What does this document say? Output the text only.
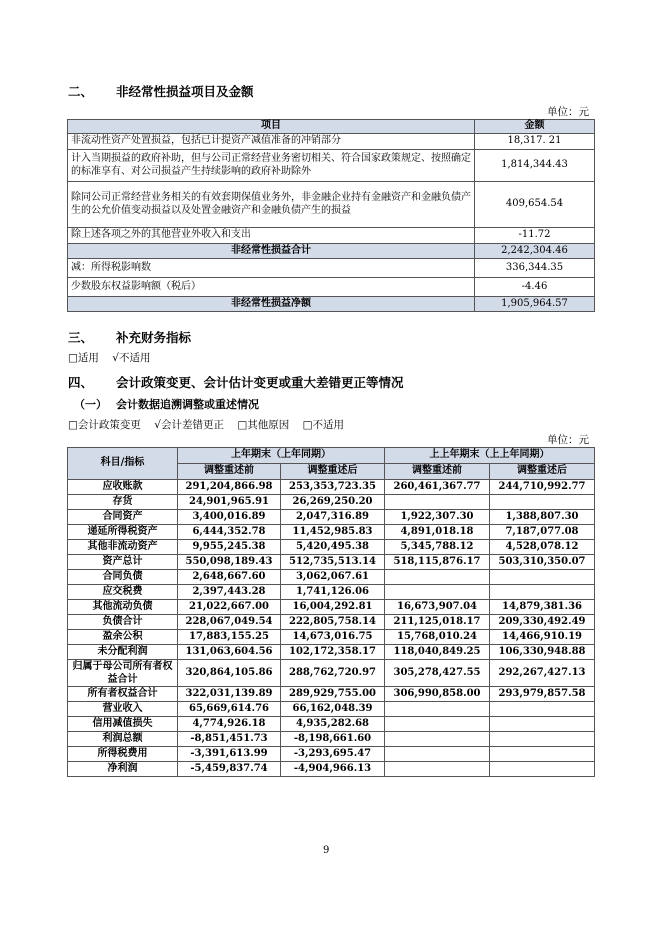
二、 非经常性损益项目及金额
单位：元
项目	金额
非流动性资产处置损益，包括已计提资产减值准备的冲销部分	18,317. 21
计入当期损益的政府补助，但与公司正常经营业务密切相关、符合国家政策规定、按照确定的标准享有、对公司损益产生持续影响的政府补助除外	1,814,344.43
除同公司正常经营业务相关的有效套期保值业务外，非金融企业持有金融资产和金融负债产生的公允价值变动损益以及处置金融资产和金融负债产生的损益	409,654.54
除上述各项之外的其他营业外收入和支出	-11.72
非经常性损益合计	2,242,304.46
减：所得税影响数	336,344.35
少数股东权益影响额（税后）	-4.46
非经常性损益净额	1,905,964.57
三、 补充财务指标
□适用 √不适用
四、 会计政策变更、会计估计变更或重大差错更正等情况
（一） 会计数据追溯调整或重述情况
□会计政策变更 √会计差错更正 □其他原因 □不适用
单位：元
科目/指标	上年期末（上年同期）		上上年期末（上上年同期）	
	调整重述前	调整重述后	调整重述前	调整重述后
应收账款	291,204,866.98	253,353,723.35	260,461,367.77	244,710,992.77
存货	24,901,965.91	26,269,250.20		
合同资产	3,400,016.89	2,047,316.89	1,922,307.30	1,388,807.30
递延所得税资产	6,444,352.78	11,452,985.83	4,891,018.18	7,187,077.08
其他非流动资产	9,955,245.38	5,420,495.38	5,345,788.12	4,528,078.12
资产总计	550,098,189.43	512,735,513.14	518,115,876.17	503,310,350.07
合同负债	2,648,667.60	3,062,067.61		
应交税费	2,397,443.28	1,741,126.06		
其他流动负债	21,022,667.00	16,004,292.81	16,673,907.04	14,879,381.36
负债合计	228,067,049.54	222,805,758.14	211,125,018.17	209,330,492.49
盈余公积	17,883,155.25	14,673,016.75	15,768,010.24	14,466,910.19
未分配利润	131,063,604.56	102,172,358.17	118,040,849.25	106,330,948.88
归属于母公司所有者权益合计	320,864,105.86	288,762,720.97	305,278,427.55	292,267,427.13
所有者权益合计	322,031,139.89	289,929,755.00	306,990,858.00	293,979,857.58
营业收入	65,669,614.76	66,162,048.39		
信用减值损失	4,774,926.18	4,935,282.68		
利润总额	-8,851,451.73	-8,198,661.60		
所得税费用	-3,391,613.99	-3,293,695.47		
净利润	-5,459,837.74	-4,904,966.13		
9
